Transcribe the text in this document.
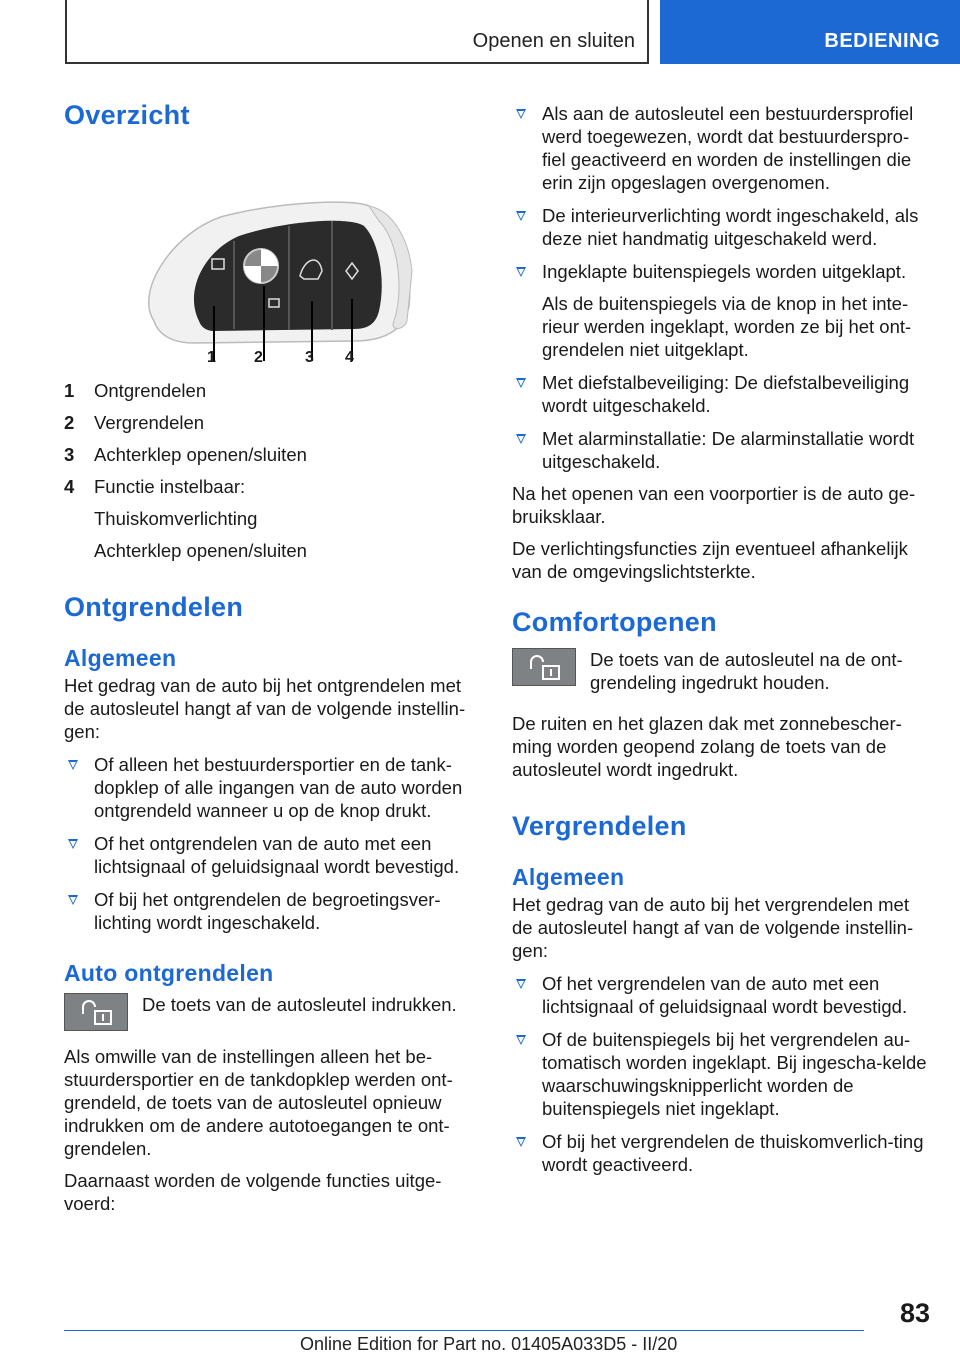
Openen en sluiten	BEDIENING
Overzicht
1 2	3 4
1 Ontgrendelen
2 Vergrendelen
3 Achterklep openen/sluiten
4 Functie instelbaar:
Thuiskomverlichting
Achterklep openen/sluiten
Ontgrendelen
Algemeen

Het gedrag van de auto bij het ontgrendelen met de autosleutel hangt af van de volgende instellin‐gen:

Of alleen het bestuurdersportier en de tank‐dopklep of alle ingangen van de auto worden ontgrendeld wanneer u op de knop drukt.
Of het ontgrendelen van de auto met een lichtsignaal of geluidsignaal wordt bevestigd.
Of bij het ontgrendelen de begroetingsver‐lichting wordt ingeschakeld.
Auto ontgrendelen
De toets van de autosleutel indrukken.

Als omwille van de instellingen alleen het be‐stuurdersportier en de tankdopklep werden ont‐grendeld, de toets van de autosleutel opnieuw indrukken om de andere autotoegangen te ont‐grendelen.

Daarnaast worden de volgende functies uitge‐voerd:

Als aan de autosleutel een bestuurdersprofiel werd toegewezen, wordt dat bestuurderspro‐fiel geactiveerd en worden de instellingen die erin zijn opgeslagen overgenomen.
De interieurverlichting wordt ingeschakeld, als deze niet handmatig uitgeschakeld werd.
Ingeklapte buitenspiegels worden uitgeklapt.
Als de buitenspiegels via de knop in het inte‐rieur werden ingeklapt, worden ze bij het ont‐grendelen niet uitgeklapt.
Met diefstalbeveiliging: De diefstalbeveiliging wordt uitgeschakeld.
Met alarminstallatie: De alarminstallatie wordt uitgeschakeld.

Na het openen van een voorportier is de auto ge‐bruiksklaar.

De verlichtingsfuncties zijn eventueel afhankelijk van de omgevingslichtsterkte.

Comfortopenen
De toets van de autosleutel na de ont‐grendeling ingedrukt houden.

De ruiten en het glazen dak met zonnebescher‐ming worden geopend zolang de toets van de autosleutel wordt ingedrukt.

Vergrendelen
Algemeen

Het gedrag van de auto bij het vergrendelen met de autosleutel hangt af van de volgende instellin‐gen:

Of het vergrendelen van de auto met een lichtsignaal of geluidsignaal wordt bevestigd.
Of de buitenspiegels bij het vergrendelen au‐tomatisch worden ingeklapt. Bij ingescha‐kelde waarschuwingsknipperlicht worden de buitenspiegels niet ingeklapt.
Of bij het vergrendelen de thuiskomverlich‐ting wordt geactiveerd.
83
Online Edition for Part no. 01405A033D5 - II/20
